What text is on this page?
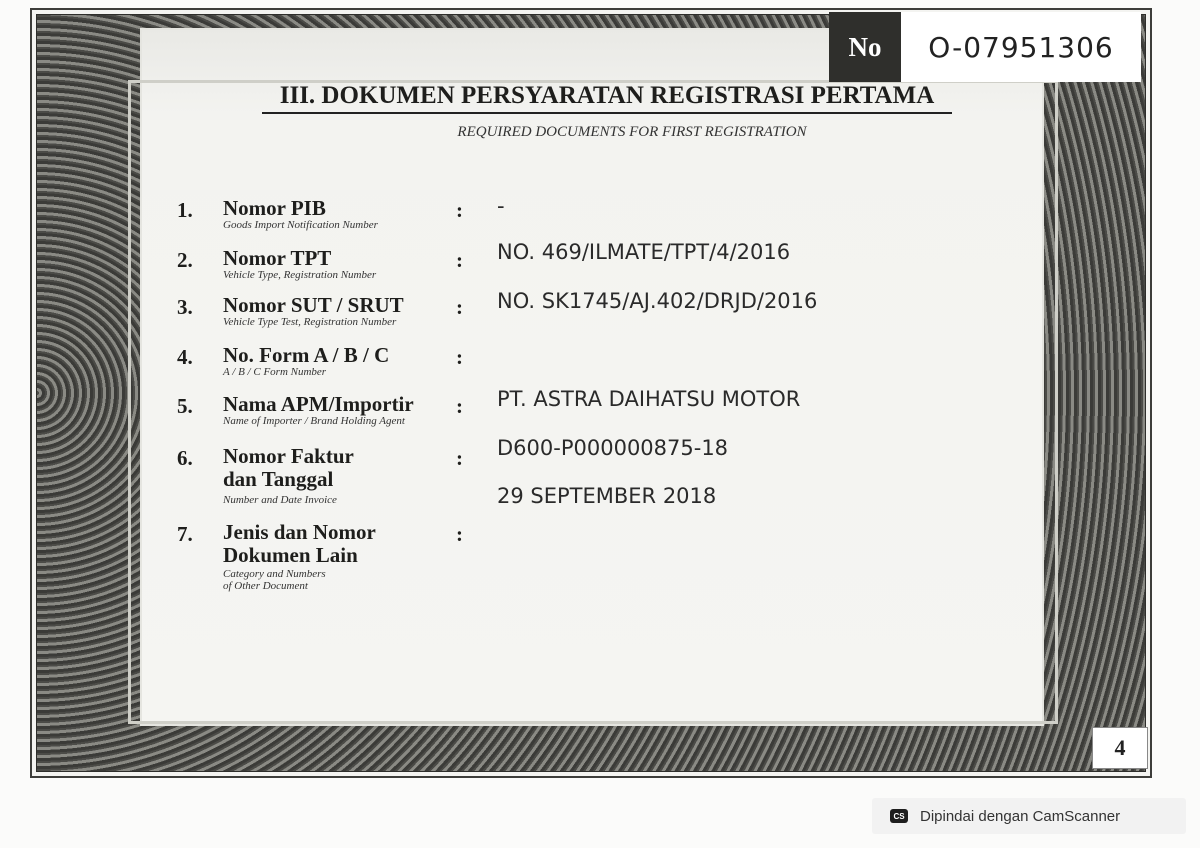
No	O-07951306
III. DOKUMEN PERSYARATAN REGISTRASI PERTAMA
REQUIRED DOCUMENTS FOR FIRST REGISTRATION
1. Nomor PIB
Goods Import Notification Number
: -
2. Nomor TPT
Vehicle Type, Registration Number
: NO. 469/ILMATE/TPT/4/2016
3. Nomor SUT / SRUT
Vehicle Type Test, Registration Number
: NO. SK1745/AJ.402/DRJD/2016
4. No. Form A / B / C
A / B / C Form Number
:
5. Nama APM/Importir
Name of Importer / Brand Holding Agent
: PT. ASTRA DAIHATSU MOTOR
6. Nomor Faktur
dan Tanggal
Number and Date Invoice
: D600-P000000875-18
29 SEPTEMBER 2018
7. Jenis dan Nomor
Dokumen Lain
Category and Numbers
of Other Document
:
4
CS Dipindai dengan CamScanner
